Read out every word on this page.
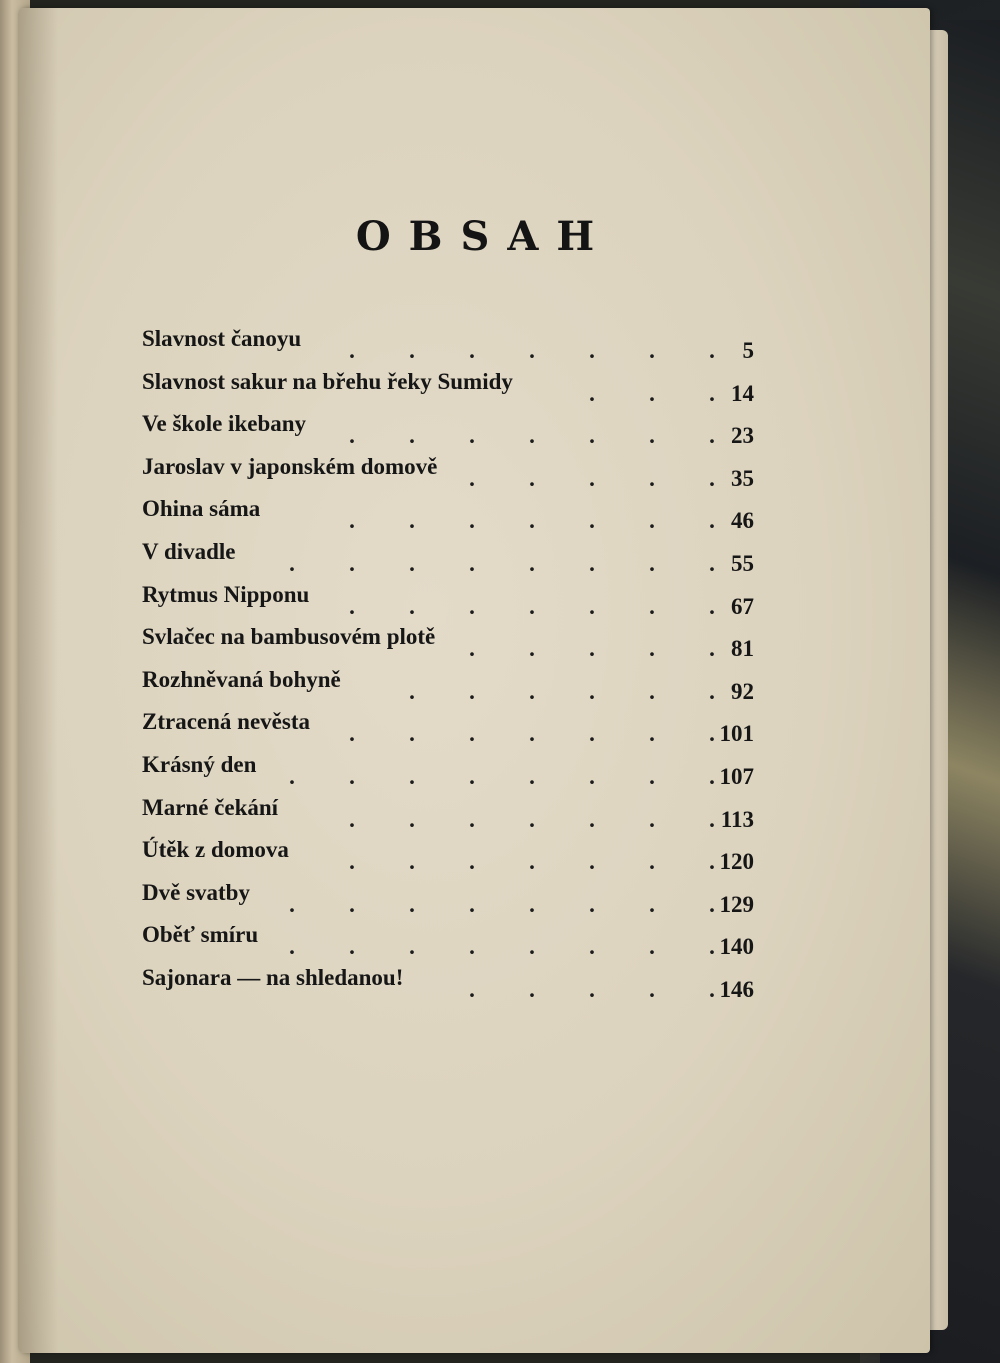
OBSAH
. . . . . . .
Slavnost čanoyu	5
. . .
Slavnost sakur na břehu řeky Sumidy	14
. . . . . . .
Ve škole ikebany	23
. . . . .
Jaroslav v japonském domově	35
. . . . . . .
Ohina sáma	46
. . . . . . . .
V divadle	55
. . . . . . .
Rytmus Nipponu	67
. . . . .
Svlačec na bambusovém plotě	81
. . . . . .
Rozhněvaná bohyně	92
. . . . . . .
Ztracená nevěsta	101
. . . . . . . .
Krásný den	107
. . . . . . .
Marné čekání	113
. . . . . . .
Útěk z domova	120
. . . . . . . .
Dvě svatby	129
. . . . . . . .
Oběť smíru	140
. . . . .
Sajonara — na shledanou!	146
